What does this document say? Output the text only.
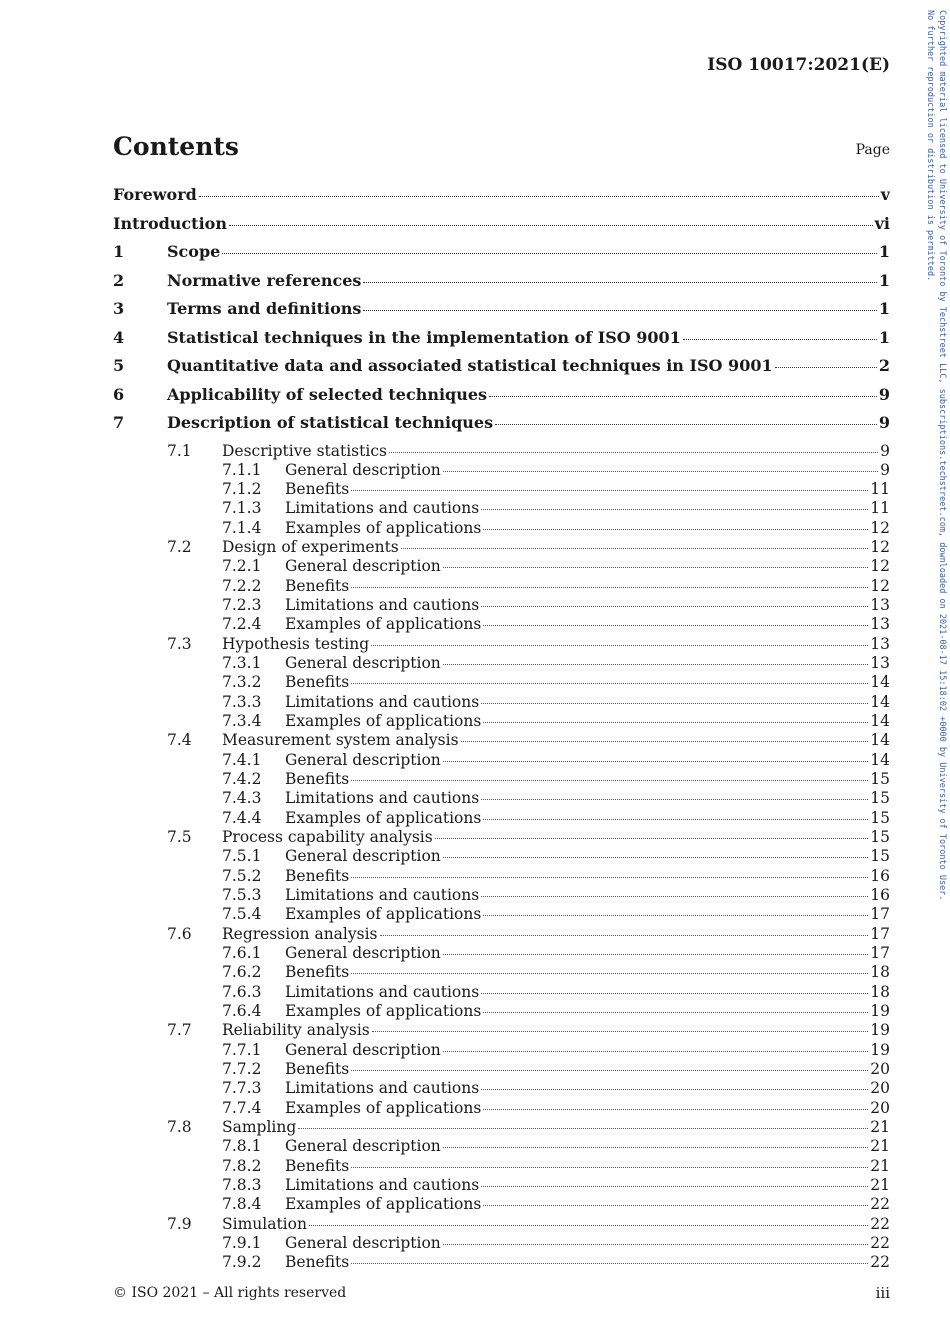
ISO 10017:2021(E)
Contents	Page
Foreword	v
Introduction	vi
1	Scope	1
2	Normative references	1
3	Terms and definitions	1
4	Statistical techniques in the implementation of ISO 9001	1
5	Quantitative data and associated statistical techniques in ISO 9001	2
6	Applicability of selected techniques	9
7	Description of statistical techniques	9
7.1	Descriptive statistics	9
7.1.1	General description	9
7.1.2	Benefits	11
7.1.3	Limitations and cautions	11
7.1.4	Examples of applications	12
7.2	Design of experiments	12
7.2.1	General description	12
7.2.2	Benefits	12
7.2.3	Limitations and cautions	13
7.2.4	Examples of applications	13
7.3	Hypothesis testing	13
7.3.1	General description	13
7.3.2	Benefits	14
7.3.3	Limitations and cautions	14
7.3.4	Examples of applications	14
7.4	Measurement system analysis	14
7.4.1	General description	14
7.4.2	Benefits	15
7.4.3	Limitations and cautions	15
7.4.4	Examples of applications	15
7.5	Process capability analysis	15
7.5.1	General description	15
7.5.2	Benefits	16
7.5.3	Limitations and cautions	16
7.5.4	Examples of applications	17
7.6	Regression analysis	17
7.6.1	General description	17
7.6.2	Benefits	18
7.6.3	Limitations and cautions	18
7.6.4	Examples of applications	19
7.7	Reliability analysis	19
7.7.1	General description	19
7.7.2	Benefits	20
7.7.3	Limitations and cautions	20
7.7.4	Examples of applications	20
7.8	Sampling	21
7.8.1	General description	21
7.8.2	Benefits	21
7.8.3	Limitations and cautions	21
7.8.4	Examples of applications	22
7.9	Simulation	22
7.9.1	General description	22
7.9.2	Benefits	22
© ISO 2021 – All rights reserved	iii
Copyrighted material licensed to University of Toronto by Techstreet LLC, subscriptions.techstreet.com, downloaded on 2021-08-17 15:18:02 +0000 by University of Toronto User.
No further reproduction or distribution is permitted.
